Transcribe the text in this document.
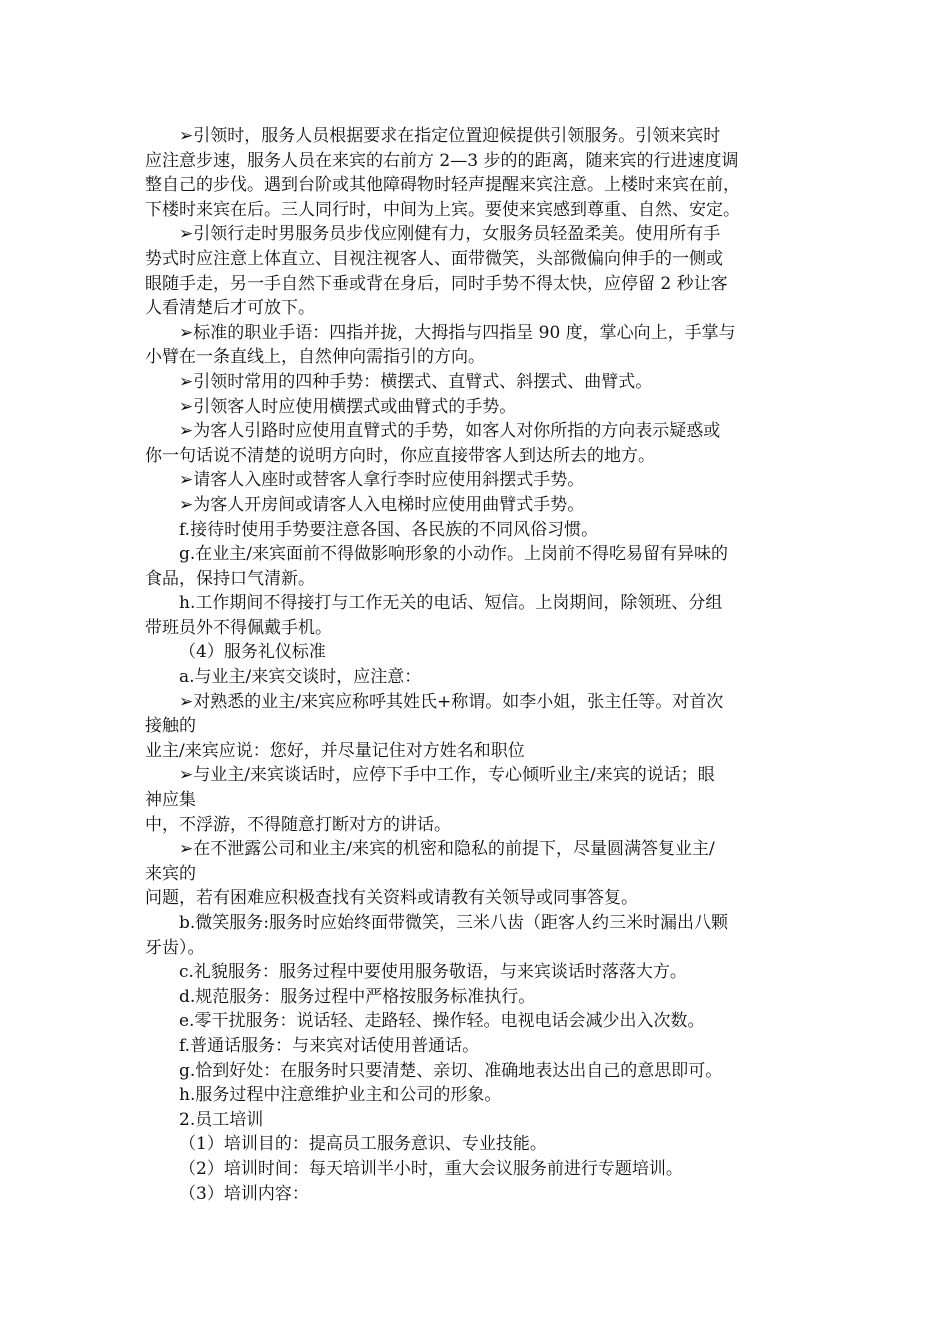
➢引领时，服务人员根据要求在指定位置迎候提供引领服务。引领来宾时
应注意步速，服务人员在来宾的右前方 2—3 步的的距离，随来宾的行进速度调
整自己的步伐。遇到台阶或其他障碍物时轻声提醒来宾注意。上楼时来宾在前，
下楼时来宾在后。三人同行时，中间为上宾。要使来宾感到尊重、自然、安定。
➢引领行走时男服务员步伐应刚健有力，女服务员轻盈柔美。使用所有手
势式时应注意上体直立、目视注视客人、面带微笑，头部微偏向伸手的一侧或
眼随手走，另一手自然下垂或背在身后，同时手势不得太快，应停留 2 秒让客
人看清楚后才可放下。
➢标准的职业手语：四指并拢，大拇指与四指呈 90 度，掌心向上，手掌与
小臂在一条直线上，自然伸向需指引的方向。
➢引领时常用的四种手势：横摆式、直臂式、斜摆式、曲臂式。
➢引领客人时应使用横摆式或曲臂式的手势。
➢为客人引路时应使用直臂式的手势，如客人对你所指的方向表示疑惑或
你一句话说不清楚的说明方向时，你应直接带客人到达所去的地方。
➢请客人入座时或替客人拿行李时应使用斜摆式手势。
➢为客人开房间或请客人入电梯时应使用曲臂式手势。
f.接待时使用手势要注意各国、各民族的不同风俗习惯。
g.在业主/来宾面前不得做影响形象的小动作。上岗前不得吃易留有异味的
食品，保持口气清新。
h.工作期间不得接打与工作无关的电话、短信。上岗期间，除领班、分组
带班员外不得佩戴手机。
（4）服务礼仪标准
a.与业主/来宾交谈时，应注意：
➢对熟悉的业主/来宾应称呼其姓氏+称谓。如李小姐，张主任等。对首次
接触的
业主/来宾应说：您好，并尽量记住对方姓名和职位
➢与业主/来宾谈话时，应停下手中工作，专心倾听业主/来宾的说话；眼
神应集
中，不浮游，不得随意打断对方的讲话。
➢在不泄露公司和业主/来宾的机密和隐私的前提下，尽量圆满答复业主/
来宾的
问题，若有困难应积极查找有关资料或请教有关领导或同事答复。
b.微笑服务:服务时应始终面带微笑，三米八齿（距客人约三米时漏出八颗
牙齿）。
c.礼貌服务：服务过程中要使用服务敬语，与来宾谈话时落落大方。
d.规范服务：服务过程中严格按服务标准执行。
e.零干扰服务：说话轻、走路轻、操作轻。电视电话会减少出入次数。
f.普通话服务：与来宾对话使用普通话。
g.恰到好处：在服务时只要清楚、亲切、准确地表达出自己的意思即可。
h.服务过程中注意维护业主和公司的形象。
2.员工培训
（1）培训目的：提高员工服务意识、专业技能。
（2）培训时间：每天培训半小时，重大会议服务前进行专题培训。
（3）培训内容：
